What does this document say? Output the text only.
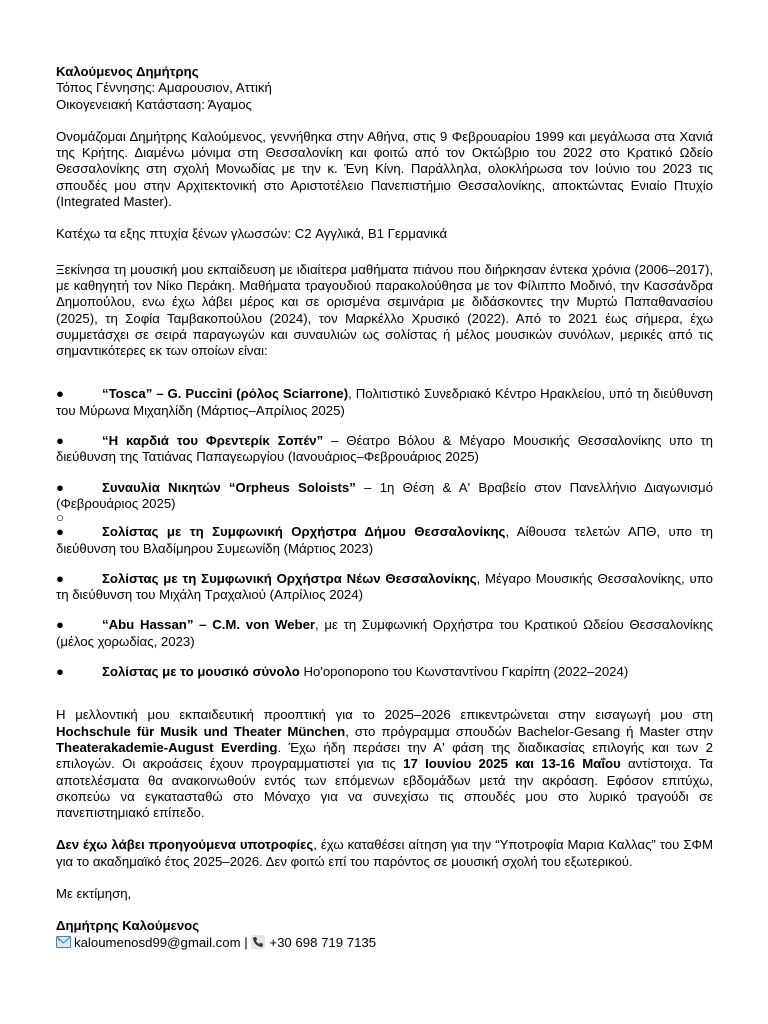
Καλούμενος Δημήτρης

Τόπος Γέννησης: Αμαρουσιον, Αττική

Οικογενειακή Κατάσταση: Άγαμος

Ονομάζομαι Δημήτρης Καλούμενος, γεννήθηκα στην Αθήνα, στις 9 Φεβρουαρίου 1999 και μεγάλωσα στα Χανιά της Κρήτης. Διαμένω μόνιμα στη Θεσσαλονίκη και φοιτώ από τον Οκτώβριο του 2022 στο Κρατικό Ωδείο Θεσσαλονίκης στη σχολή Μονωδίας με την κ. Ένη Κίνη. Παράλληλα, ολοκλήρωσα τον Ιούνιο του 2023 τις σπουδές μου στην Αρχιτεκτονική στο Αριστοτέλειο Πανεπιστήμιο Θεσσαλονίκης, αποκτώντας Ενιαίο Πτυχίο (Integrated Master).

Κατέχω τα εξης πτυχία ξένων γλωσσών: C2 Αγγλικά, B1 Γερμανικά

Ξεκίνησα τη μουσική μου εκπαίδευση με ιδιαίτερα μαθήματα πιάνου που διήρκησαν έντεκα χρόνια (2006–2017), με καθηγητή τον Νίκο Περάκη. Μαθήματα τραγουδιού παρακολούθησα με τον Φίλιππο Μοδινό, την Κασσάνδρα Δημοπούλου, ενω έχω λάβει μέρος και σε ορισμένα σεμινάρια με διδάσκοντες την Μυρτώ Παπαθανασίου (2025), τη Σοφία Ταμβακοπούλου (2024), τον Μαρκέλλο Χρυσικό (2022). Από το 2021 έως σήμερα, έχω συμμετάσχει σε σειρά παραγωγών και συναυλιών ως σολίστας ή μέλος μουσικών συνόλων, μερικές από τις σημαντικότερες εκ των οποίων είναι:

●	“Tosca” – G. Puccini (ρόλος Sciarrone), Πολιτιστικό Συνεδριακό Κέντρο Ηρακλείου, υπό τη διεύθυνση του Μύρωνα Μιχαηλίδη (Μάρτιος–Απρίλιος 2025)

●	“Η καρδιά του Φρεντερίκ Σοπέν” – Θέατρο Βόλου & Μέγαρο Μουσικής Θεσσαλονίκης υπο τη διεύθυνση της Τατιάνας Παπαγεωργίου (Ιανουάριος–Φεβρουάριος 2025)

●	Συναυλία Νικητών “Orpheus Soloists” – 1η Θέση & Α' Βραβείο στον Πανελλήνιο Διαγωνισμό (Φεβρουάριος 2025)

○

●	Σολίστας με τη Συμφωνική Ορχήστρα Δήμου Θεσσαλονίκης, Αίθουσα τελετών ΑΠΘ, υπο τη διεύθυνση του Βλαδίμηρου Συμεωνίδη (Μάρτιος 2023)

●	Σολίστας με τη Συμφωνική Ορχήστρα Νέων Θεσσαλονίκης, Μέγαρο Μουσικής Θεσσαλονίκης, υπο τη διεύθυνση του Μιχάλη Τραχαλιού (Απρίλιος 2024)

●	“Abu Hassan” – C.M. von Weber, με τη Συμφωνική Ορχήστρα του Κρατικού Ωδείου Θεσσαλονίκης (μέλος χορωδίας, 2023)

●	Σολίστας με το μουσικό σύνολο Ho'oponopono του Κωνσταντίνου Γκαρίπη (2022–2024)

Η μελλοντική μου εκπαιδευτική προοπτική για το 2025–2026 επικεντρώνεται στην εισαγωγή μου στη Hochschule für Musik und Theater München, στο πρόγραμμα σπουδών Bachelor-Gesang ή Master στην Theaterakademie-August Everding. Έχω ήδη περάσει την Α' φάση της διαδικασίας επιλογής και των 2 επιλογών. Οι ακροάσεις έχουν προγραμματιστεί για τις 17 Ιουνίου 2025 και 13-16 Μαΐου αντίστοιχα. Τα αποτελέσματα θα ανακοινωθούν εντός των επόμενων εβδομάδων μετά την ακρόαση. Εφόσον επιτύχω, σκοπεύω να εγκατασταθώ στο Μόναχο για να συνεχίσω τις σπουδές μου στο λυρικό τραγούδι σε πανεπιστημιακό επίπεδο.

Δεν έχω λάβει προηγούμενα υποτροφίες, έχω καταθέσει αίτηση για την “Υποτροφία Μαρια Καλλας” του ΣΦΜ για το ακαδημαϊκό έτος 2025–2026. Δεν φοιτώ επί του παρόντος σε μουσική σχολή του εξωτερικού.

Με εκτίμηση,

Δημήτρης Καλούμενος

kaloumenosd99@gmail.com | +30 698 719 7135
